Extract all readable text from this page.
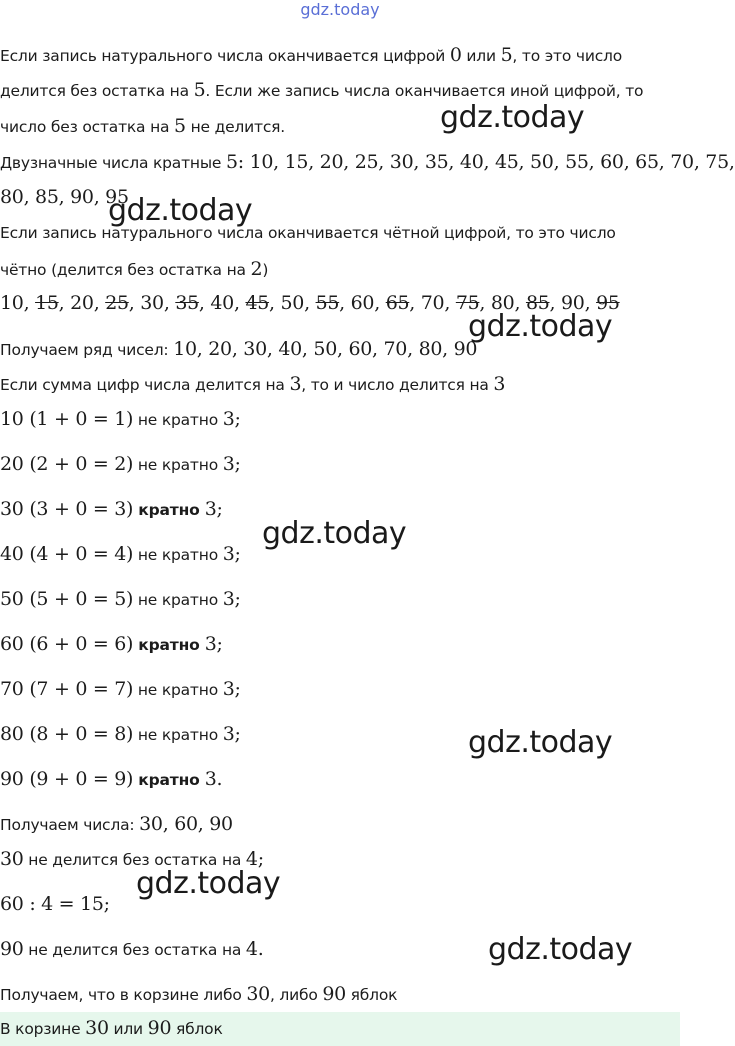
gdz.today
Если запись натурального числа оканчивается цифрой 0 или 5, то это число
делится без остатка на 5. Если же запись числа оканчивается иной цифрой, то
число без остатка на 5 не делится.
Двузначные числа кратные 5: 10, 15, 20, 25, 30, 35, 40, 45, 50, 55, 60, 65, 70, 75,
80, 85, 90, 95
Если запись натурального числа оканчивается чётной цифрой, то это число
чётно (делится без остатка на 2)
10, 15, 20, 25, 30, 35, 40, 45, 50, 55, 60, 65, 70, 75, 80, 85, 90, 95
Получаем ряд чисел: 10, 20, 30, 40, 50, 60, 70, 80, 90
Если сумма цифр числа делится на 3, то и число делится на 3
10 (1 + 0 = 1) не кратно 3;
20 (2 + 0 = 2) не кратно 3;
30 (3 + 0 = 3) кратно 3;
40 (4 + 0 = 4) не кратно 3;
50 (5 + 0 = 5) не кратно 3;
60 (6 + 0 = 6) кратно 3;
70 (7 + 0 = 7) не кратно 3;
80 (8 + 0 = 8) не кратно 3;
90 (9 + 0 = 9) кратно 3.
Получаем числа: 30, 60, 90
30 не делится без остатка на 4;
60 : 4 = 15;
90 не делится без остатка на 4.
Получаем, что в корзине либо 30, либо 90 яблок
В корзине 30 или 90 яблок
gdz.today
gdz.today
gdz.today
gdz.today
gdz.today
gdz.today
gdz.today
